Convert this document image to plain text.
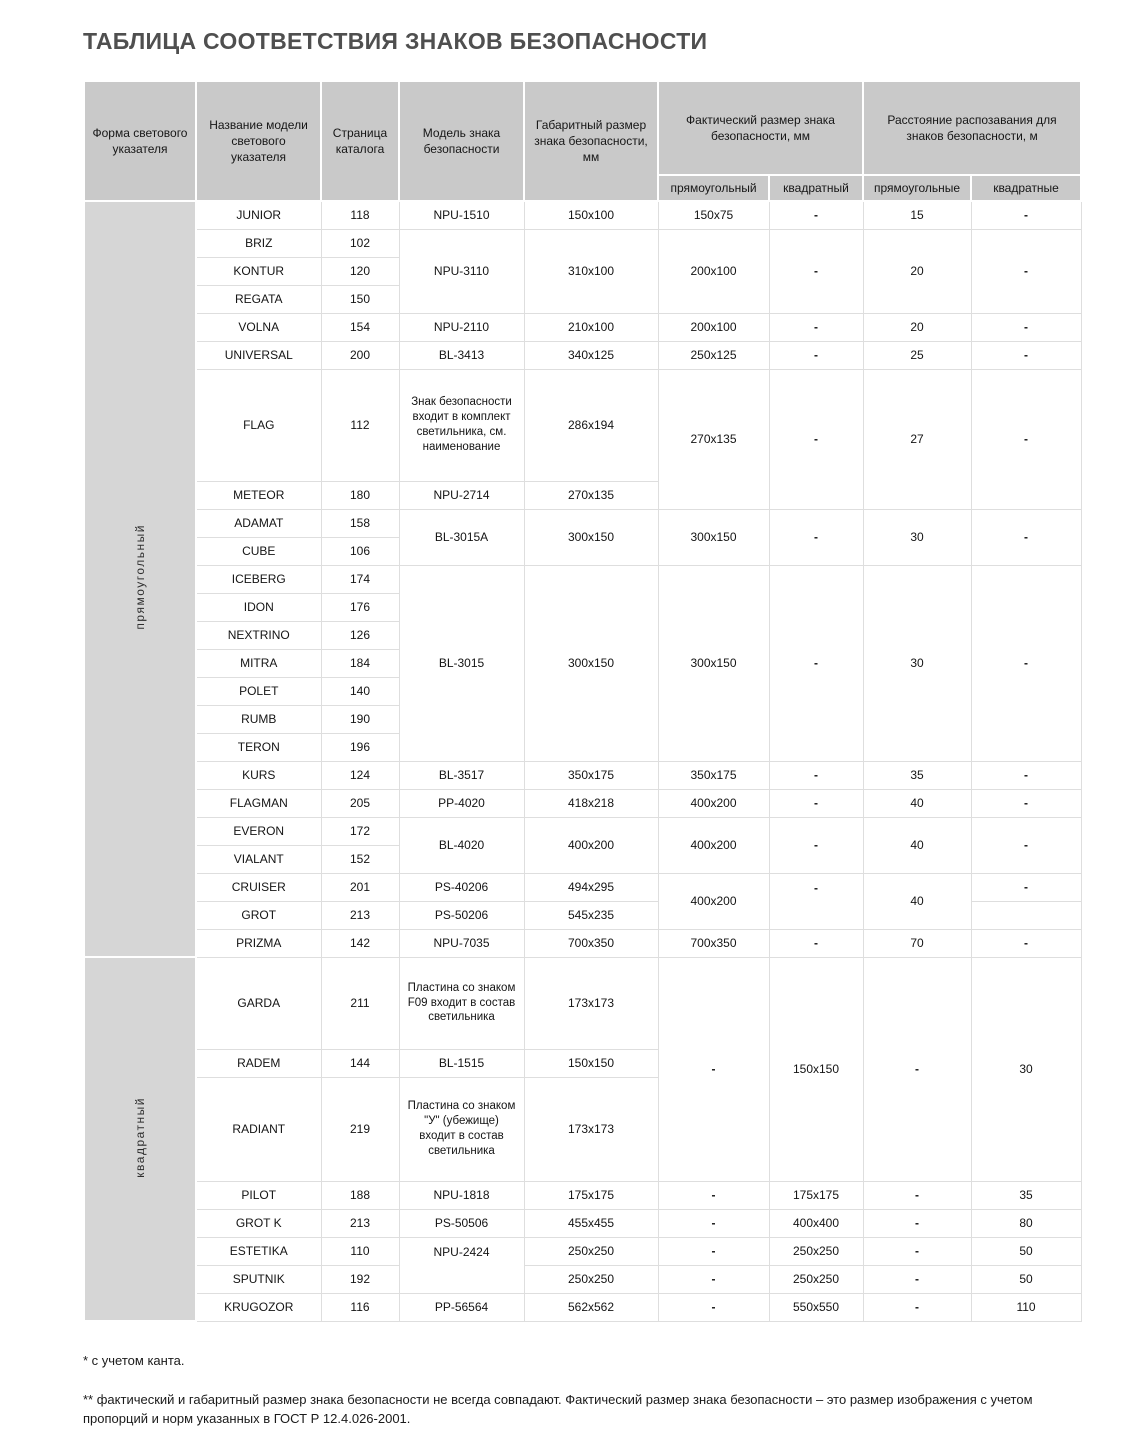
ТАБЛИЦА СООТВЕТСТВИЯ ЗНАКОВ БЕЗОПАСНОСТИ
Форма светового указателя	Название модели светового указателя	Страница каталога	Модель знака безопасности	Габаритный размер знака безопасности, мм	Фактический размер знака безопасности, мм		Расстояние распозавания для знаков безопасности, м	
					прямоугольный	квадратный	прямоугольные	квадратные
прямоугольный	JUNIOR	118	NPU-1510	150x100	150x75	-	15	-
	BRIZ	102	NPU-3110	310x100	200x100	-	20	-
	KONTUR	120						
	REGATA	150						
	VOLNA	154	NPU-2110	210x100	200x100	-	20	-
	UNIVERSAL	200	BL-3413	340x125	250x125	-	25	-
	FLAG	112	Знак безопасности входит в комплект светильника, см. наименование	286x194	270x135	-	27	-
	METEOR	180	NPU-2714	270x135				
	ADAMAT	158	BL-3015A	300x150	300x150	-	30	-
	CUBE	106						
	ICEBERG	174	BL-3015	300x150	300x150	-	30	-
	IDON	176						
	NEXTRINO	126						
	MITRA	184						
	POLET	140						
	RUMB	190						
	TERON	196						
	KURS	124	BL-3517	350x175	350x175	-	35	-
	FLAGMAN	205	PP-4020	418x218	400x200	-	40	-
	EVERON	172	BL-4020	400x200	400x200	-	40	-
	VIALANT	152						
	CRUISER	201	PS-40206	494x295	400x200	-	40	-
	GROT	213	PS-50206	545x235				
	PRIZMA	142	NPU-7035	700x350	700x350	-	70	-
квадратный	GARDA	211	Пластина со знаком F09 входит в состав светильника	173x173	-	150x150	-	30
	RADEM	144	BL-1515	150x150				
	RADIANT	219	Пластина со знаком "У" (убежище) входит в состав светильника	173x173				
	PILOT	188	NPU-1818	175x175	-	175x175	-	35
	GROT K	213	PS-50506	455x455	-	400x400	-	80
	ESTETIKA	110	NPU-2424	250x250	-	250x250	-	50
	SPUTNIK	192		250x250	-	250x250	-	50
	KRUGOZOR	116	PP-56564	562x562	-	550x550	-	110

* с учетом канта.

** фактический и габаритный размер знака безопасности не всегда совпадают. Фактический размер знака безопасности – это размер изображения с учетом пропорций и норм указанных в ГОСТ Р 12.4.026-2001.
